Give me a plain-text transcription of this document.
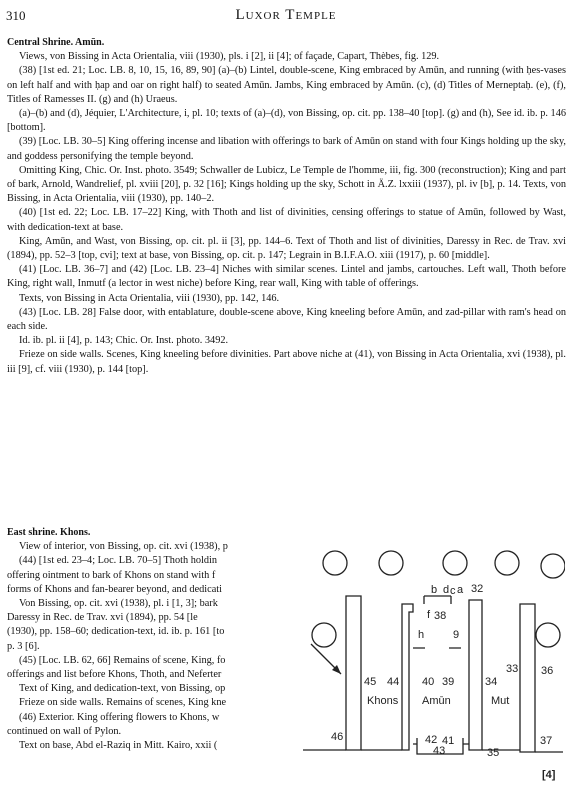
310	Luxor Temple

Central Shrine. Amūn.

Views, von Bissing in Acta Orientalia, viii (1930), pls. i [2], ii [4]; of façade, Capart, Thèbes, fig. 129.

(38) [1st ed. 21; Loc. LB. 8, 10, 15, 16, 89, 90] (a)–(b) Lintel, double-scene, King embraced by Amūn, and running (with ḥes-vases on left half and with ḥap and oar on right half) to seated Amūn. Jambs, King embraced by Amūn. (c), (d) Titles of Merneptaḥ. (e), (f), Titles of Ramesses II. (g) and (h) Uraeus.

(a)–(b) and (d), Jéquier, L'Architecture, i, pl. 10; texts of (a)–(d), von Bissing, op. cit. pp. 138–40 [top]. (g) and (h), See id. ib. p. 146 [bottom].

(39) [Loc. LB. 30–5] King offering incense and libation with offerings to bark of Amūn on stand with four Kings holding up the sky, and goddess personifying the temple beyond.

Omitting King, Chic. Or. Inst. photo. 3549; Schwaller de Lubicz, Le Temple de l'homme, iii, fig. 300 (reconstruction); King and part of bark, Arnold, Wandrelief, pl. xviii [20], p. 32 [16]; Kings holding up the sky, Schott in Ä.Z. lxxiii (1937), pl. iv [b], p. 14. Texts, von Bissing, in Acta Orientalia, viii (1930), pp. 140–2.

(40) [1st ed. 22; Loc. LB. 17–22] King, with Thoth and list of divinities, censing offerings to statue of Amūn, followed by Wast, with dedication-text at base.

King, Amūn, and Wast, von Bissing, op. cit. pl. ii [3], pp. 144–6. Text of Thoth and list of divinities, Daressy in Rec. de Trav. xvi (1894), pp. 52–3 [top, cvi]; text at base, von Bissing, op. cit. p. 147; Legrain in B.I.F.A.O. xiii (1917), p. 60 [middle].

(41) [Loc. LB. 36–7] and (42) [Loc. LB. 23–4] Niches with similar scenes. Lintel and jambs, cartouches. Left wall, Thoth before King, right wall, Inmutf (a lector in west niche) before King, rear wall, King with table of offerings.

Texts, von Bissing in Acta Orientalia, viii (1930), pp. 142, 146.

(43) [Loc. LB. 28] False door, with entablature, double-scene above, King kneeling before Amūn, and zad-pillar with ram's head on each side.

Id. ib. pl. ii [4], p. 143; Chic. Or. Inst. photo. 3492.

Frieze on side walls. Scenes, King kneeling before divinities. Part above niche at (41), von Bissing in Acta Orientalia, xvi (1938), pl. iii [9], cf. viii (1930), p. 144 [top].

East shrine. Khons.

View of interior, von Bissing, op. cit. xvi (1938), p

(44) [1st ed. 23–4; Loc. LB. 70–5] Thoth holdin

offering ointment to bark of Khons on stand with f

forms of Khons and fan-bearer beyond, and dedicati

Von Bissing, op. cit. xvi (1938), pl. i [1, 3]; bark

Daressy in Rec. de Trav. xvi (1894), pp. 54 [le

(1930), pp. 158–60; dedication-text, id. ib. p. 161 [to

p. 3 [6].

(45) [Loc. LB. 62, 66] Remains of scene, King, fo

offerings and list before Khons, Thoth, and Neferter

Text of King, and dedication-text, von Bissing, op

Frieze on side walls. Remains of scenes, King kne

(46) Exterior. King offering flowers to Khons, w

continued on wall of Pylon.

Text on base, Abd el-Raziq in Mitt. Kairo, xxii (

b d c a 32
f 38
h	9
45 44 40 39	34
33 36
Khons Amūn	Mut
46	42 41
43	35
37
[4]
